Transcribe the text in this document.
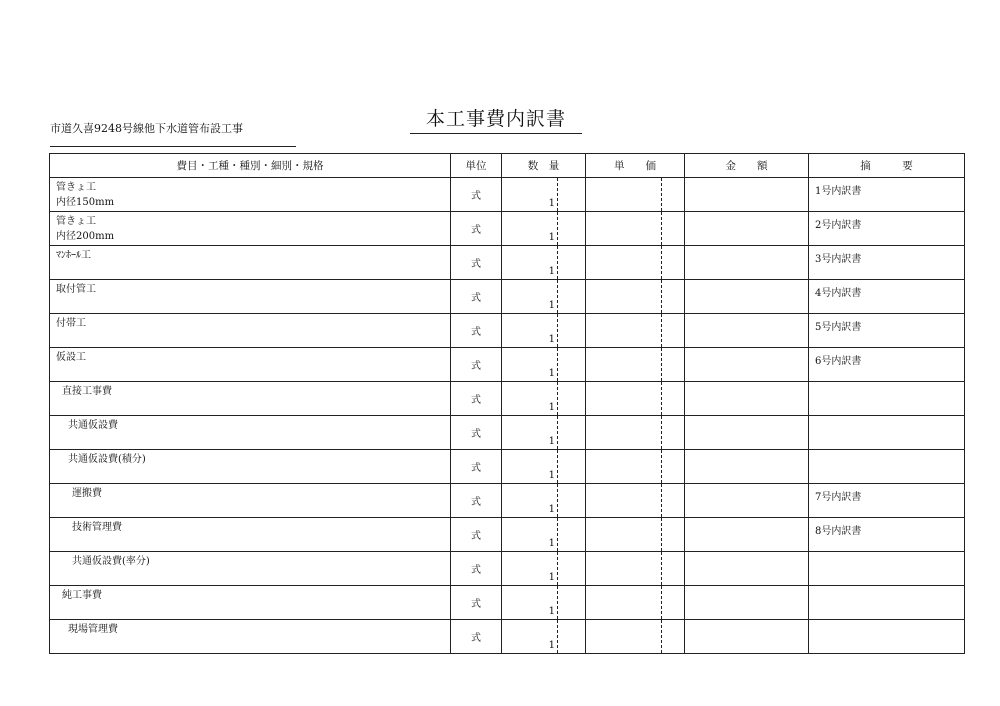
市道久喜9248号線他下水道管布設工事	本工事費内訳書
費目・工種・種別・細別・規格	単位	数　量	単　　価	金　　額	摘　　　要

管きょ工
内径150mm	式	1			1号内訳書

管きょ工
内径200mm	式	1			2号内訳書

ﾏﾝﾎｰﾙ工	式	1			3号内訳書

取付管工	式	1			4号内訳書

付帯工	式	1			5号内訳書

仮設工	式	1			6号内訳書

直接工事費	式	1			

共通仮設費	式	1			

共通仮設費(積分)	式	1			

運搬費	式	1			7号内訳書

技術管理費	式	1			8号内訳書

共通仮設費(率分)	式	1			

純工事費	式	1			

現場管理費	式	1			
